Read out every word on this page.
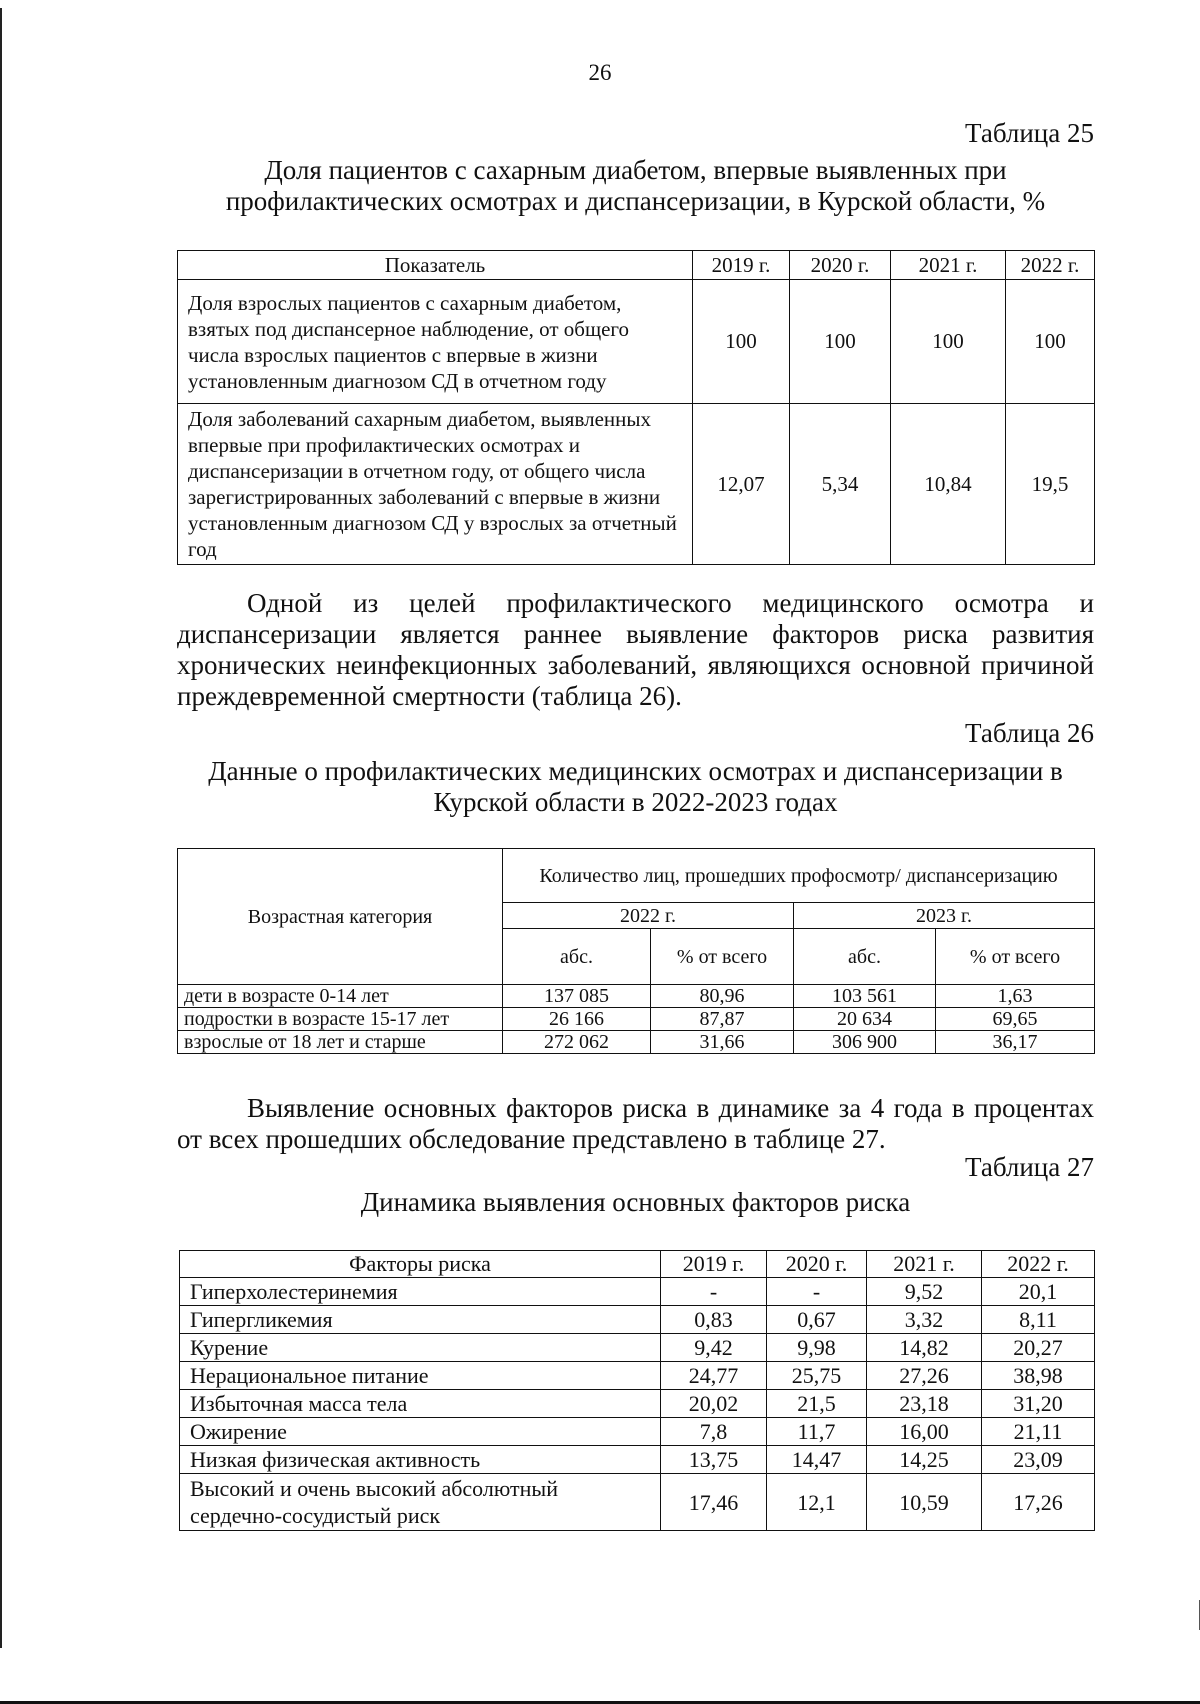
26
Таблица 25
Доля пациентов с сахарным диабетом, впервые выявленных при
профилактических осмотрах и диспансеризации, в Курской области, %
Показатель	2019 г.	2020 г.	2021 г.	2022 г.
Доля взрослых пациентов с сахарным диабетом, взятых под диспансерное наблюдение, от общего числа взрослых пациентов с впервые в жизни установленным диагнозом СД в отчетном году	100	100	100	100
Доля заболеваний сахарным диабетом, выявленных впервые при профилактических осмотрах и диспансеризации в отчетном году, от общего числа зарегистрированных заболеваний с впервые в жизни установленным диагнозом СД у взрослых за отчетный год	12,07	5,34	10,84	19,5
Одной из целей профилактического медицинского осмотра и диспансеризации является раннее выявление факторов риска развития хронических неинфекционных заболеваний, являющихся основной причиной преждевременной смертности (таблица 26).
Таблица 26
Данные о профилактических медицинских осмотрах и диспансеризации в
Курской области в 2022-2023 годах
Возрастная категория	Количество лиц, прошедших профосмотр/ диспансеризацию			
	2022 г.		2023 г.	
	абс.	% от всего	абс.	% от всего
дети в возрасте 0-14 лет	137 085	80,96	103 561	1,63
подростки в возрасте 15-17 лет	26 166	87,87	20 634	69,65
взрослые от 18 лет и старше	272 062	31,66	306 900	36,17
Выявление основных факторов риска в динамике за 4 года в процентах от всех прошедших обследование представлено в таблице 27.
Таблица 27
Динамика выявления основных факторов риска
Факторы риска	2019 г.	2020 г.	2021 г.	2022 г.
Гиперхолестеринемия	-	-	9,52	20,1
Гипергликемия	0,83	0,67	3,32	8,11
Курение	9,42	9,98	14,82	20,27
Нерациональное питание	24,77	25,75	27,26	38,98
Избыточная масса тела	20,02	21,5	23,18	31,20
Ожирение	7,8	11,7	16,00	21,11
Низкая физическая активность	13,75	14,47	14,25	23,09
Высокий и очень высокий абсолютный сердечно-сосудистый риск	17,46	12,1	10,59	17,26
